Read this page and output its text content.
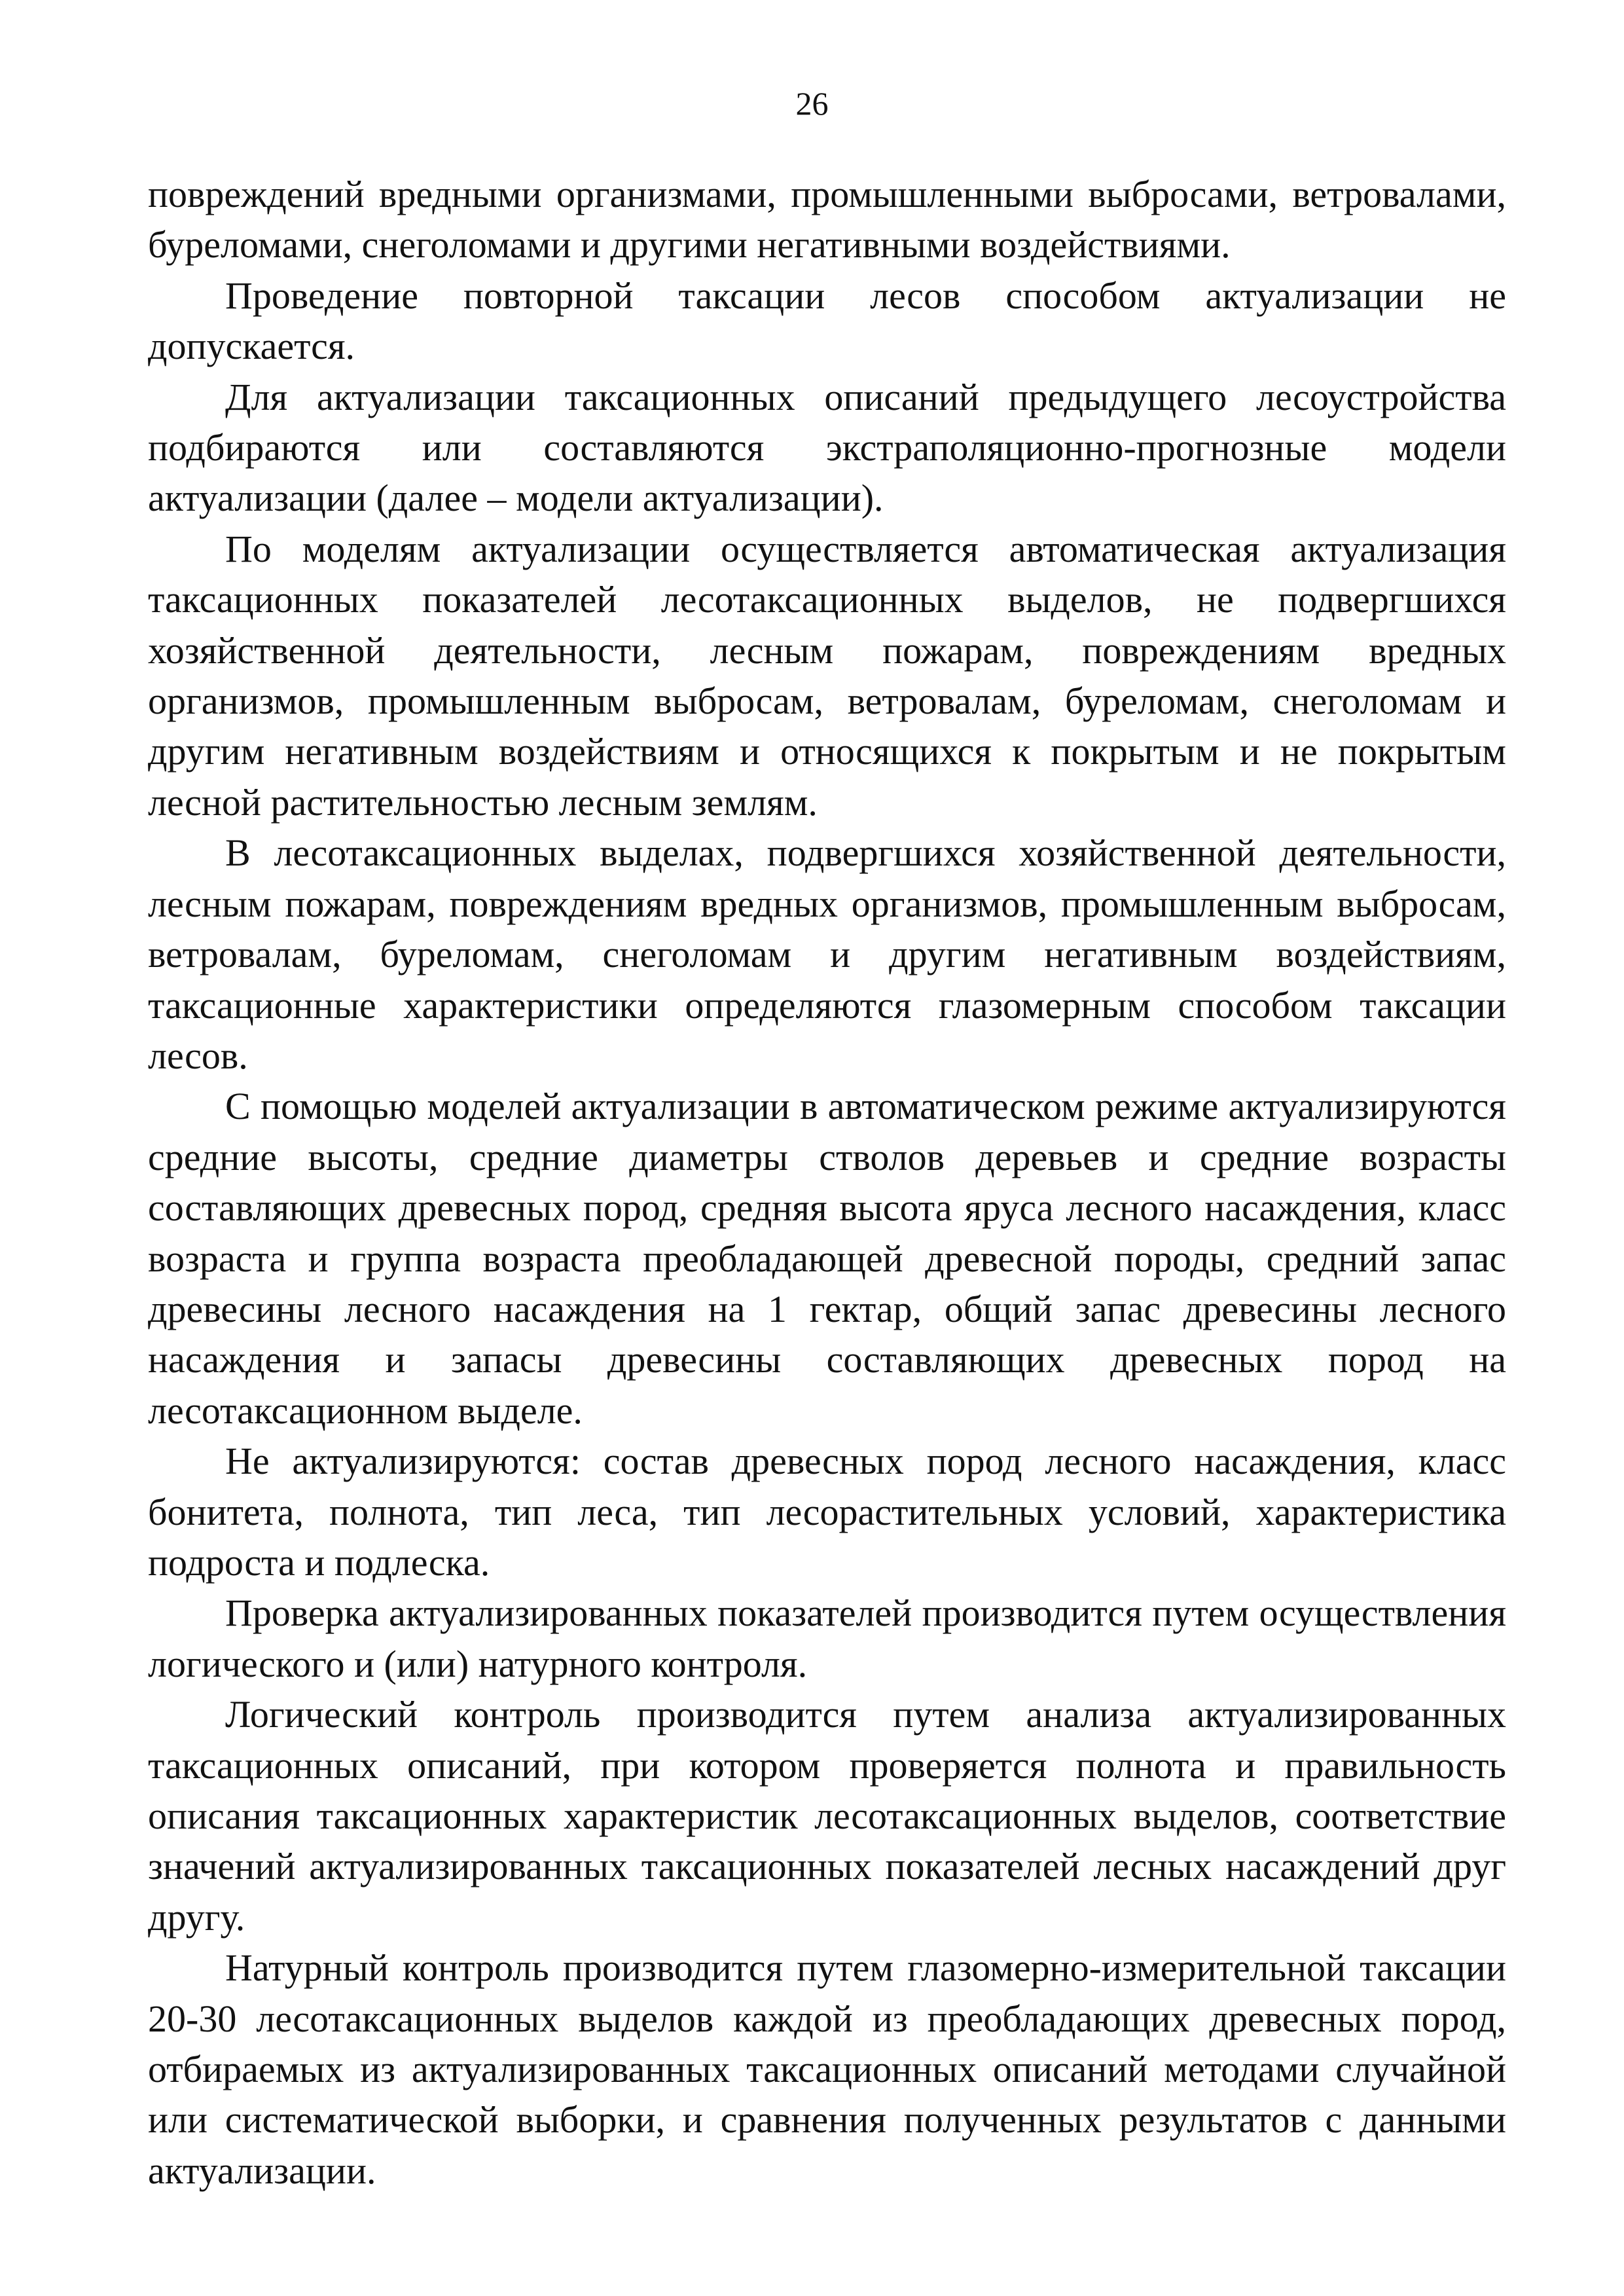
26

повреждений вредными организмами, промышленными выбросами, ветровалами, буреломами, снеголомами и другими негативными воздействиями.

Проведение повторной таксации лесов способом актуализации не допускается.

Для актуализации таксационных описаний предыдущего лесоустройства подбираются или составляются экстраполяционно-прогнозные модели актуализации (далее – модели актуализации).

По моделям актуализации осуществляется автоматическая актуализация таксационных показателей лесотаксационных выделов, не подвергшихся хозяйственной деятельности, лесным пожарам, повреждениям вредных организмов, промышленным выбросам, ветровалам, буреломам, снеголомам и другим негативным воздействиям и относящихся к покрытым и не покрытым лесной растительностью лесным землям.

В лесотаксационных выделах, подвергшихся хозяйственной деятельности, лесным пожарам, повреждениям вредных организмов, промышленным выбросам, ветровалам, буреломам, снеголомам и другим негативным воздействиям, таксационные характеристики определяются глазомерным способом таксации лесов.

С помощью моделей актуализации в автоматическом режиме актуализируются средние высоты, средние диаметры стволов деревьев и средние возрасты составляющих древесных пород, средняя высота яруса лесного насаждения, класс возраста и группа возраста преобладающей древесной породы, средний запас древесины лесного насаждения на 1 гектар, общий запас древесины лесного насаждения и запасы древесины составляющих древесных пород на лесотаксационном выделе.

Не актуализируются: состав древесных пород лесного насаждения, класс бонитета, полнота, тип леса, тип лесорастительных условий, характеристика подроста и подлеска.

Проверка актуализированных показателей производится путем осуществления логического и (или) натурного контроля.

Логический контроль производится путем анализа актуализированных таксационных описаний, при котором проверяется полнота и правильность описания таксационных характеристик лесотаксационных выделов, соответствие значений актуализированных таксационных показателей лесных насаждений друг другу.

Натурный контроль производится путем глазомерно-измерительной таксации 20-30 лесотаксационных выделов каждой из преобладающих древесных пород, отбираемых из актуализированных таксационных описаний методами случайной или систематической выборки, и сравнения полученных результатов с данными актуализации.
